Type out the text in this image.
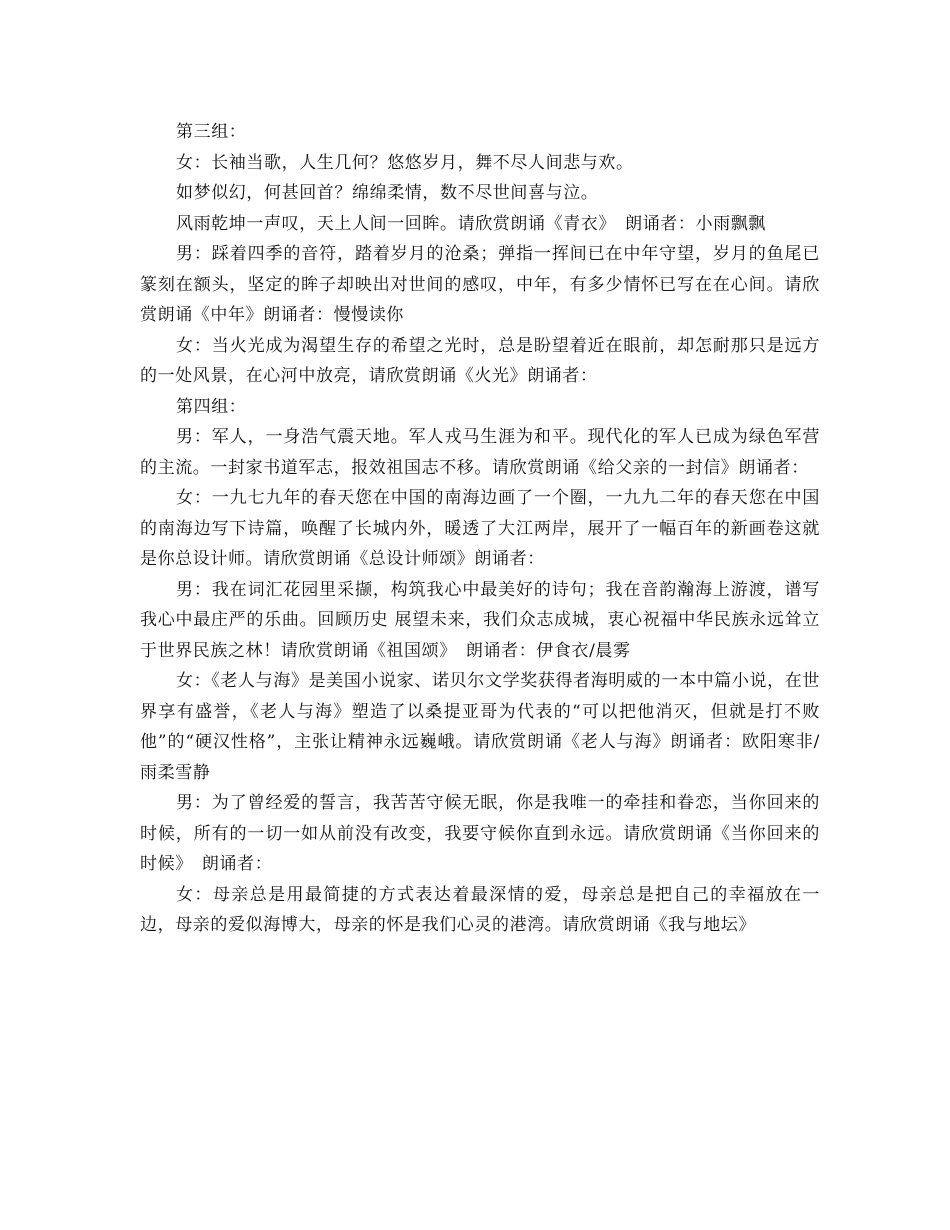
第三组：

女：长袖当歌，人生几何？悠悠岁月，舞不尽人间悲与欢。

如梦似幻，何甚回首？绵绵柔情，数不尽世间喜与泣。

风雨乾坤一声叹，天上人间一回眸。请欣赏朗诵《青衣》　朗诵者：小雨飘飘

男：踩着四季的音符，踏着岁月的沧桑；弹指一挥间已在中年守望，岁月的鱼尾已篆刻在额头，坚定的眸子却映出对世间的感叹，中年，有多少情怀已写在在心间。请欣赏朗诵《中年》朗诵者：慢慢读你

女：当火光成为渴望生存的希望之光时，总是盼望着近在眼前，却怎耐那只是远方的一处风景，在心河中放亮，请欣赏朗诵《火光》朗诵者：

第四组：

男：军人，一身浩气震天地。军人戎马生涯为和平。现代化的军人已成为绿色军营的主流。一封家书道军志，报效祖国志不移。请欣赏朗诵《给父亲的一封信》朗诵者：

女：一九七九年的春天您在中国的南海边画了一个圈，一九九二年的春天您在中国的南海边写下诗篇，唤醒了长城内外，暖透了大江两岸，展开了一幅百年的新画卷这就是你总设计师。请欣赏朗诵《总设计师颂》朗诵者：

男：我在词汇花园里采撷，构筑我心中最美好的诗句；我在音韵瀚海上游渡，谱写我心中最庄严的乐曲。回顾历史 展望未来，我们众志成城，衷心祝福中华民族永远耸立于世界民族之林！请欣赏朗诵《祖国颂》　朗诵者：伊食衣/晨雾

女：《老人与海》是美国小说家、诺贝尔文学奖获得者海明威的一本中篇小说，在世界享有盛誉，《老人与海》塑造了以桑提亚哥为代表的“可以把他消灭，但就是打不败他”的“硬汉性格”，主张让精神永远巍峨。请欣赏朗诵《老人与海》朗诵者：欧阳寒非/雨柔雪静

男：为了曾经爱的誓言，我苦苦守候无眠，你是我唯一的牵挂和眷恋，当你回来的时候，所有的一切一如从前没有改变，我要守候你直到永远。请欣赏朗诵《当你回来的时候》　朗诵者：

女：母亲总是用最简捷的方式表达着最深情的爱，母亲总是把自己的幸福放在一边，母亲的爱似海博大，母亲的怀是我们心灵的港湾。请欣赏朗诵《我与地坛》
